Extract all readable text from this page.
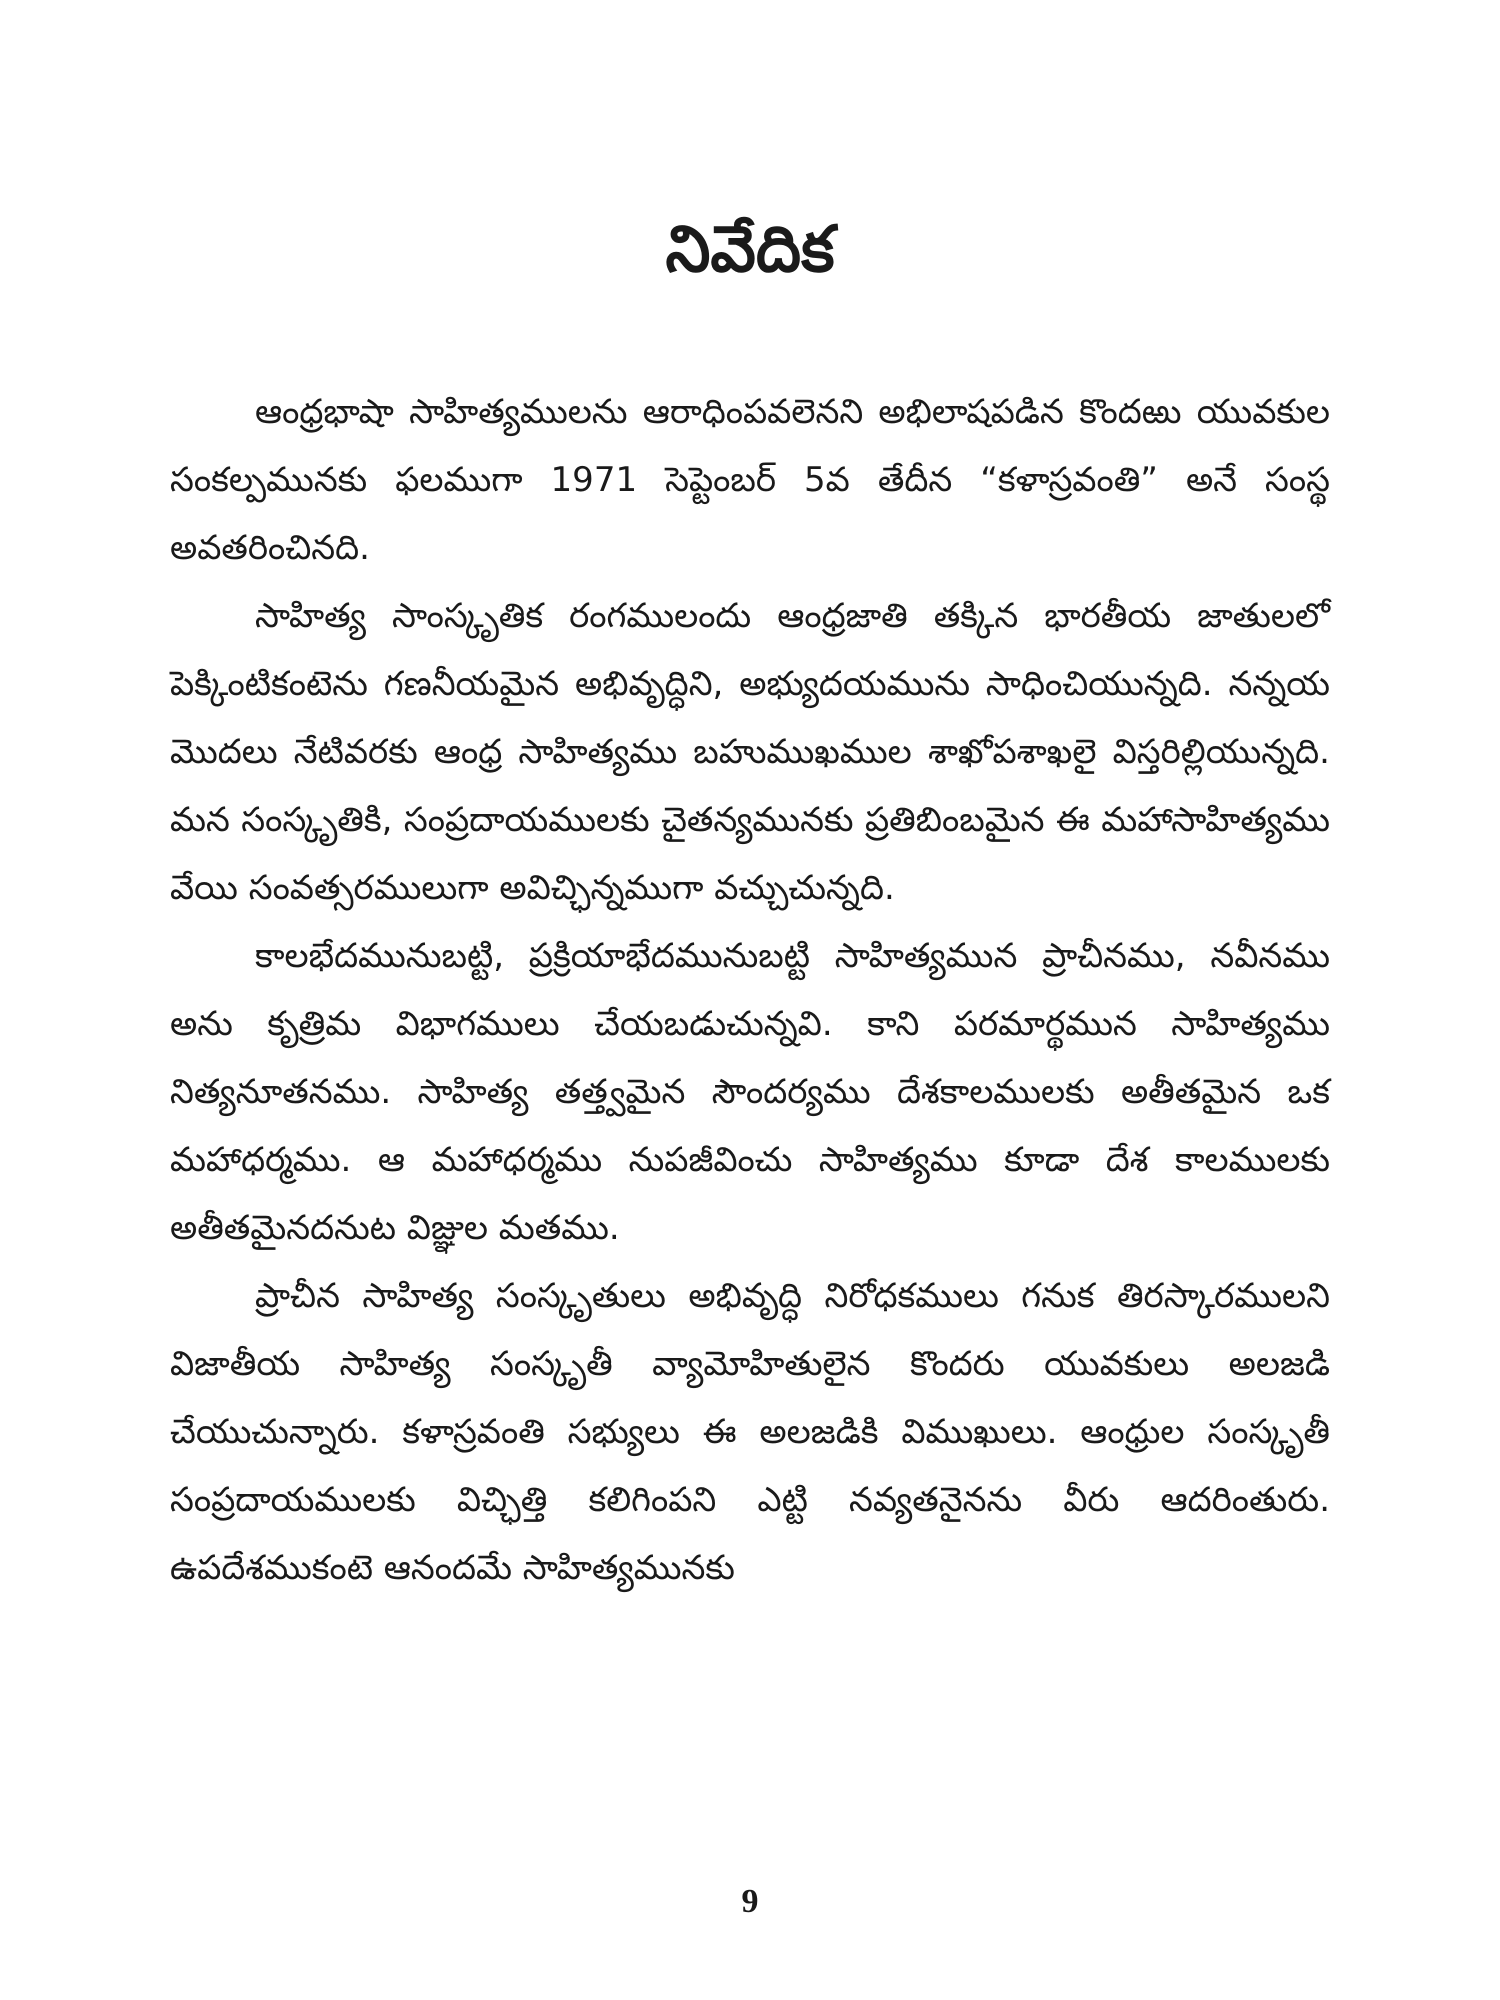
నివేదిక

ఆంధ్రభాషా సాహిత్యములను ఆరాధింపవలెనని అభిలాషపడిన కొందఱు యువకుల సంకల్పమునకు ఫలముగా 1971 సెప్టెంబర్ 5వ తేదీన “కళాస్రవంతి” అనే సంస్థ అవతరించినది.

సాహిత్య సాంస్కృతిక రంగములందు ఆంధ్రజాతి తక్కిన భారతీయ జాతులలో పెక్కింటికంటెను గణనీయమైన అభివృద్ధిని, అభ్యుదయమును సాధించియున్నది. నన్నయ మొదలు నేటివరకు ఆంధ్ర సాహిత్యము బహుముఖముల శాఖోపశాఖలై విస్తరిల్లియున్నది. మన సంస్కృతికి, సంప్రదాయములకు చైతన్యమునకు ప్రతిబింబమైన ఈ మహాసాహిత్యము వేయి సంవత్సరములుగా అవిచ్ఛిన్నముగా వచ్చుచున్నది.

కాలభేదమునుబట్టి, ప్రక్రియాభేదమునుబట్టి సాహిత్యమున ప్రాచీనము, నవీనము అను కృత్రిమ విభాగములు చేయబడుచున్నవి. కాని పరమార్థమున సాహిత్యము నిత్యనూతనము. సాహిత్య తత్త్వమైన సౌందర్యము దేశకాలములకు అతీతమైన ఒక మహాధర్మము. ఆ మహాధర్మము నుపజీవించు సాహిత్యము కూడా దేశ కాలములకు అతీతమైనదనుట విజ్ఞుల మతము.

ప్రాచీన సాహిత్య సంస్కృతులు అభివృద్ధి నిరోధకములు గనుక తిరస్కారములని విజాతీయ సాహిత్య సంస్కృతీ వ్యామోహితులైన కొందరు యువకులు అలజడి చేయుచున్నారు. కళాస్రవంతి సభ్యులు ఈ అలజడికి విముఖులు. ఆంధ్రుల సంస్కృతీ సంప్రదాయములకు విచ్ఛిత్తి కలిగింపని ఎట్టి నవ్యతనైనను వీరు ఆదరింతురు. ఉపదేశముకంటె ఆనందమే సాహిత్యమునకు

9
